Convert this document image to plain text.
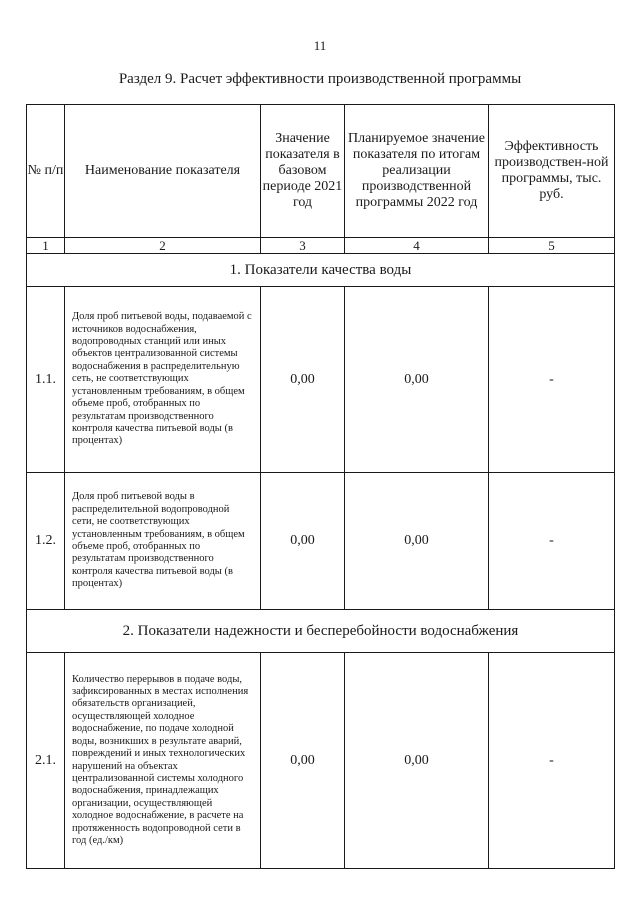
11
Раздел 9. Расчет эффективности производственной программы
№ п/п	Наименование показателя	Значение показателя в базовом периоде 2021 год	Планируемое значение показателя по итогам реализации производственной программы 2022 год	Эффективность производствен-ной программы, тыс. руб.
1	2	3	4	5
1. Показатели качества воды				
1.1.	Доля проб питьевой воды, подаваемой с источников водоснабжения, водопроводных станций или иных объектов централизованной системы водоснабжения в распределительную сеть, не соответствующих установленным требованиям, в общем объеме проб, отобранных по результатам производственного контроля качества питьевой воды (в процентах)	0,00	0,00	-
1.2.	Доля проб питьевой воды в распределительной водопроводной сети, не соответствующих установленным требованиям, в общем объеме проб, отобранных по результатам производственного контроля качества питьевой воды (в процентах)	0,00	0,00	-
2. Показатели надежности и бесперебойности водоснабжения				
2.1.	Количество перерывов в подаче воды, зафиксированных в местах исполнения обязательств организацией, осуществляющей холодное водоснабжение, по подаче холодной воды, возникших в результате аварий, повреждений и иных технологических нарушений на объектах централизованной системы холодного водоснабжения, принадлежащих организации, осуществляющей холодное водоснабжение, в расчете на протяженность водопроводной сети в год (ед./км)	0,00	0,00	-
